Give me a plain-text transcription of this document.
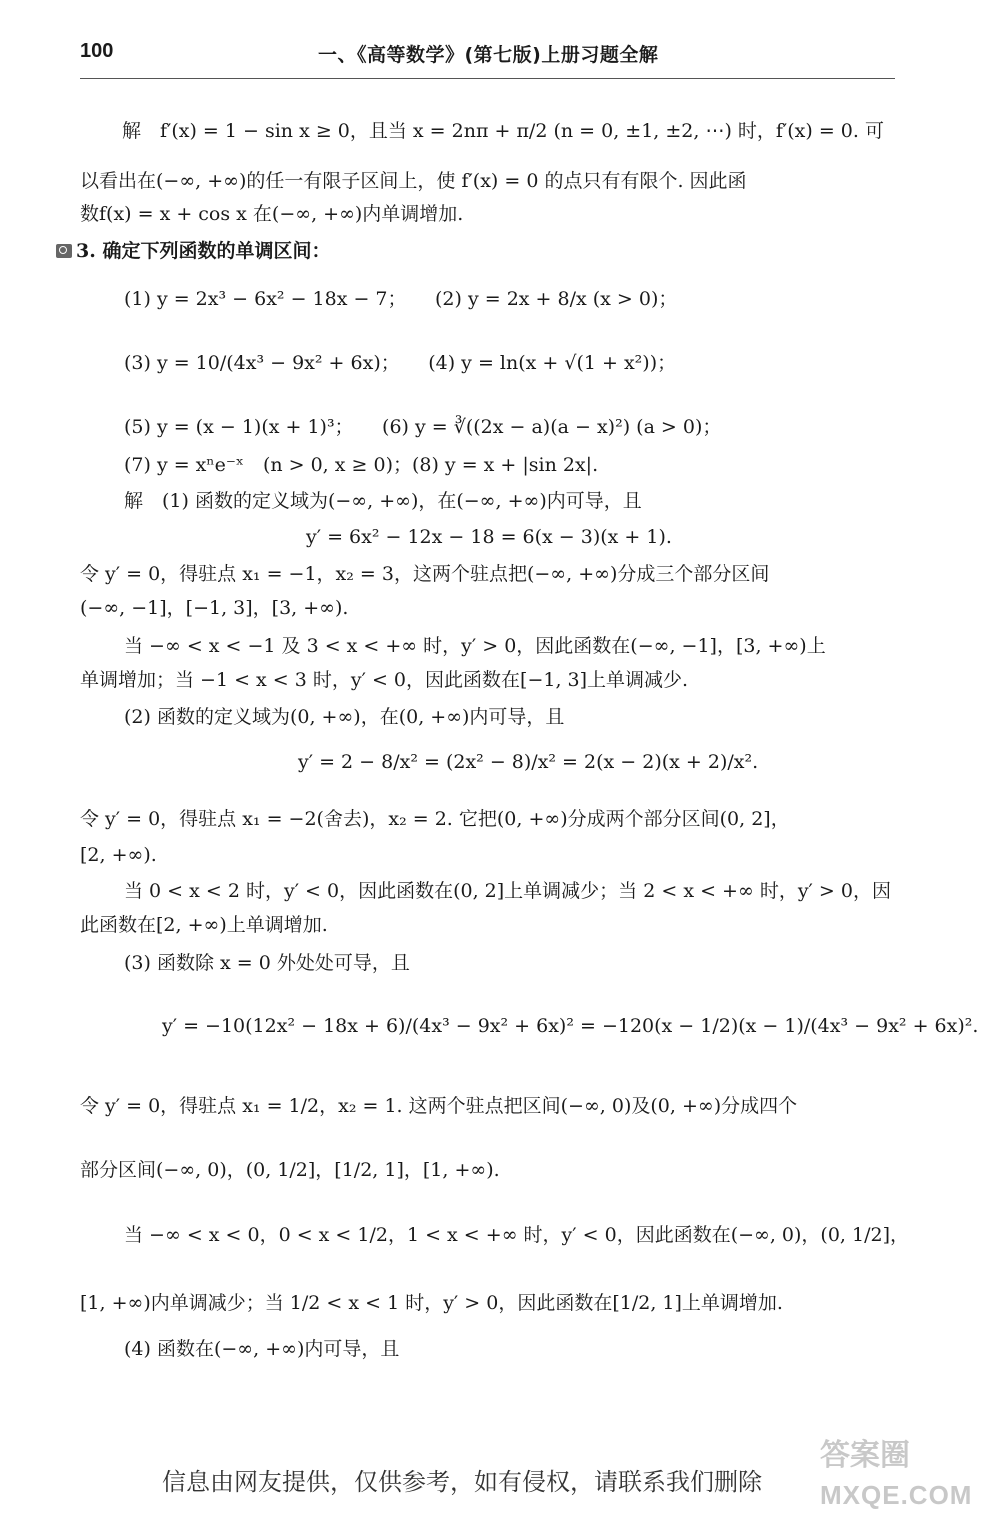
100	一、《高等数学》(第七版)上册习题全解
解　f′(x) = 1 − sin x ≥ 0，且当 x = 2nπ + π/2 (n = 0, ±1, ±2, ⋯) 时，f′(x) = 0. 可
以看出在(−∞, +∞)的任一有限子区间上，使 f′(x) = 0 的点只有有限个. 因此函
数f(x) = x + cos x 在(−∞, +∞)内单调增加.
3. 确定下列函数的单调区间：
(1) y = 2x³ − 6x² − 18x − 7；　　(2) y = 2x + 8/x (x > 0)；
(3) y = 10/(4x³ − 9x² + 6x)；　　(4) y = ln(x + √(1 + x²))；
(5) y = (x − 1)(x + 1)³；　　(6) y = ∛((2x − a)(a − x)²) (a > 0)；
(7) y = xⁿe⁻ˣ　(n > 0, x ≥ 0)；(8) y = x + |sin 2x|.
解　(1) 函数的定义域为(−∞, +∞)，在(−∞, +∞)内可导，且
y′ = 6x² − 12x − 18 = 6(x − 3)(x + 1).
令 y′ = 0，得驻点 x₁ = −1，x₂ = 3，这两个驻点把(−∞, +∞)分成三个部分区间
(−∞, −1]，[−1, 3]，[3, +∞).
当 −∞ < x < −1 及 3 < x < +∞ 时，y′ > 0，因此函数在(−∞, −1]，[3, +∞)上
单调增加；当 −1 < x < 3 时，y′ < 0，因此函数在[−1, 3]上单调减少.
(2) 函数的定义域为(0, +∞)，在(0, +∞)内可导，且
y′ = 2 − 8/x² = (2x² − 8)/x² = 2(x − 2)(x + 2)/x².
令 y′ = 0，得驻点 x₁ = −2(舍去)，x₂ = 2. 它把(0, +∞)分成两个部分区间(0, 2]，
[2, +∞).
当 0 < x < 2 时，y′ < 0，因此函数在(0, 2]上单调减少；当 2 < x < +∞ 时，y′ > 0，因
此函数在[2, +∞)上单调增加.
(3) 函数除 x = 0 外处处可导，且
y′ = −10(12x² − 18x + 6)/(4x³ − 9x² + 6x)² = −120(x − 1/2)(x − 1)/(4x³ − 9x² + 6x)².
令 y′ = 0，得驻点 x₁ = 1/2，x₂ = 1. 这两个驻点把区间(−∞, 0)及(0, +∞)分成四个
部分区间(−∞, 0)，(0, 1/2]，[1/2, 1]，[1, +∞).
当 −∞ < x < 0，0 < x < 1/2，1 < x < +∞ 时，y′ < 0，因此函数在(−∞, 0)，(0, 1/2]，
[1, +∞)内单调减少；当 1/2 < x < 1 时，y′ > 0，因此函数在[1/2, 1]上单调增加.
(4) 函数在(−∞, +∞)内可导，且
信息由网友提供，仅供参考，如有侵权，请联系我们删除
答案圈
MXQE.COM
